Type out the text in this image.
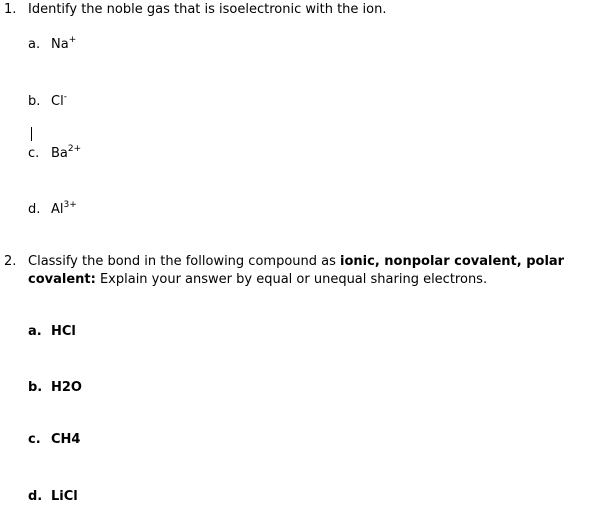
1. Identify the noble gas that is isoelectronic with the ion.
a. Na+
b. Cl-
c. $Ba^{2+}$
d. $Al^{3+}$
2. Classify the bond in the following compound as ionic, nonpolar covalent, polar covalent: Explain your answer by equal or unequal sharing electrons.
a. HCl
b. H2O
c. CH4
d. LiCl
